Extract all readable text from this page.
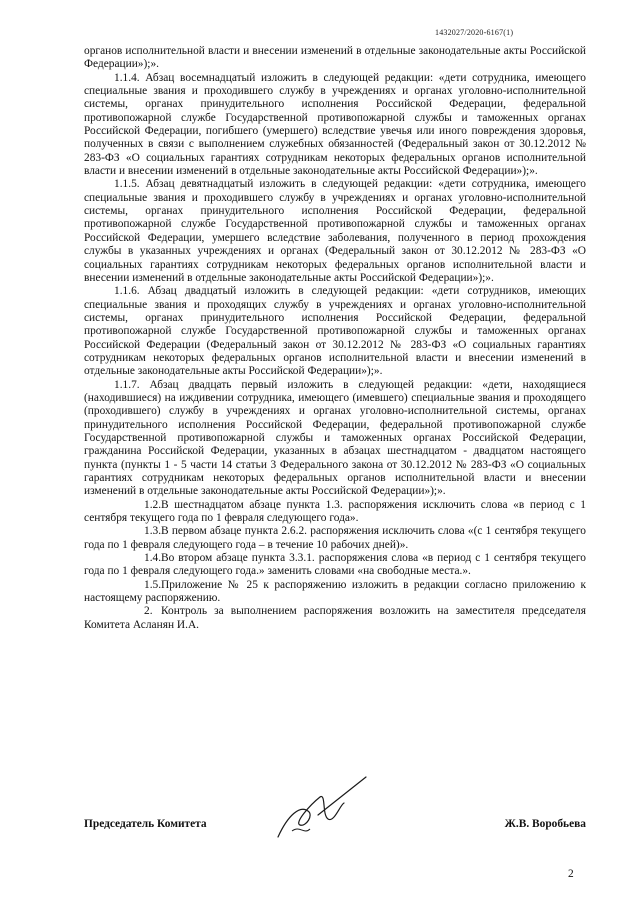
1432027/2020-6167(1)

органов исполнительной власти и внесении изменений в отдельные законодательные акты Российской Федерации»);».

1.1.4. Абзац восемнадцатый изложить в следующей редакции: «дети сотрудника, имеющего специальные звания и проходившего службу в учреждениях и органах уголовно-исполнительной системы, органах принудительного исполнения Российской Федерации, федеральной противопожарной службе Государственной противопожарной службы и таможенных органах Российской Федерации, погибшего (умершего) вследствие увечья или иного повреждения здоровья, полученных в связи с выполнением служебных обязанностей (Федеральный закон от 30.12.2012 № 283-ФЗ «О социальных гарантиях сотрудникам некоторых федеральных органов исполнительной власти и внесении изменений в отдельные законодательные акты Российской Федерации»);».

1.1.5. Абзац девятнадцатый изложить в следующей редакции: «дети сотрудника, имеющего специальные звания и проходившего службу в учреждениях и органах уголовно-исполнительной системы, органах принудительного исполнения Российской Федерации, федеральной противопожарной службе Государственной противопожарной службы и таможенных органах Российской Федерации, умершего вследствие заболевания, полученного в период прохождения службы в указанных учреждениях и органах (Федеральный закон от 30.12.2012 № 283-ФЗ «О социальных гарантиях сотрудникам некоторых федеральных органов исполнительной власти и внесении изменений в отдельные законодательные акты Российской Федерации»);».

1.1.6. Абзац двадцатый изложить в следующей редакции: «дети сотрудников, имеющих специальные звания и проходящих службу в учреждениях и органах уголовно-исполнительной системы, органах принудительного исполнения Российской Федерации, федеральной противопожарной службе Государственной противопожарной службы и таможенных органах Российской Федерации (Федеральный закон от 30.12.2012 № 283-ФЗ «О социальных гарантиях сотрудникам некоторых федеральных органов исполнительной власти и внесении изменений в отдельные законодательные акты Российской Федерации»);».

1.1.7. Абзац двадцать первый изложить в следующей редакции: «дети, находящиеся (находившиеся) на иждивении сотрудника, имеющего (имевшего) специальные звания и проходящего (проходившего) службу в учреждениях и органах уголовно-исполнительной системы, органах принудительного исполнения Российской Федерации, федеральной противопожарной службе Государственной противопожарной службы и таможенных органах Российской Федерации, гражданина Российской Федерации, указанных в абзацах шестнадцатом - двадцатом настоящего пункта (пункты 1 - 5 части 14 статьи 3 Федерального закона от 30.12.2012 № 283-ФЗ «О социальных гарантиях сотрудникам некоторых федеральных органов исполнительной власти и внесении изменений в отдельные законодательные акты Российской Федерации»);».

1.2.В шестнадцатом абзаце пункта 1.3. распоряжения исключить слова «в период с 1 сентября текущего года по 1 февраля следующего года».

1.3.В первом абзаце пункта 2.6.2. распоряжения исключить слова «(с 1 сентября текущего года по 1 февраля следующего года – в течение 10 рабочих дней)».

1.4.Во втором абзаце пункта 3.3.1. распоряжения слова «в период с 1 сентября текущего года по 1 февраля следующего года.» заменить словами «на свободные места.».

1.5.Приложение № 25 к распоряжению изложить в редакции согласно приложению к настоящему распоряжению.

2. Контроль за выполнением распоряжения возложить на заместителя председателя Комитета Асланян И.А.

Председатель Комитета	Ж.В. Воробьева
2
